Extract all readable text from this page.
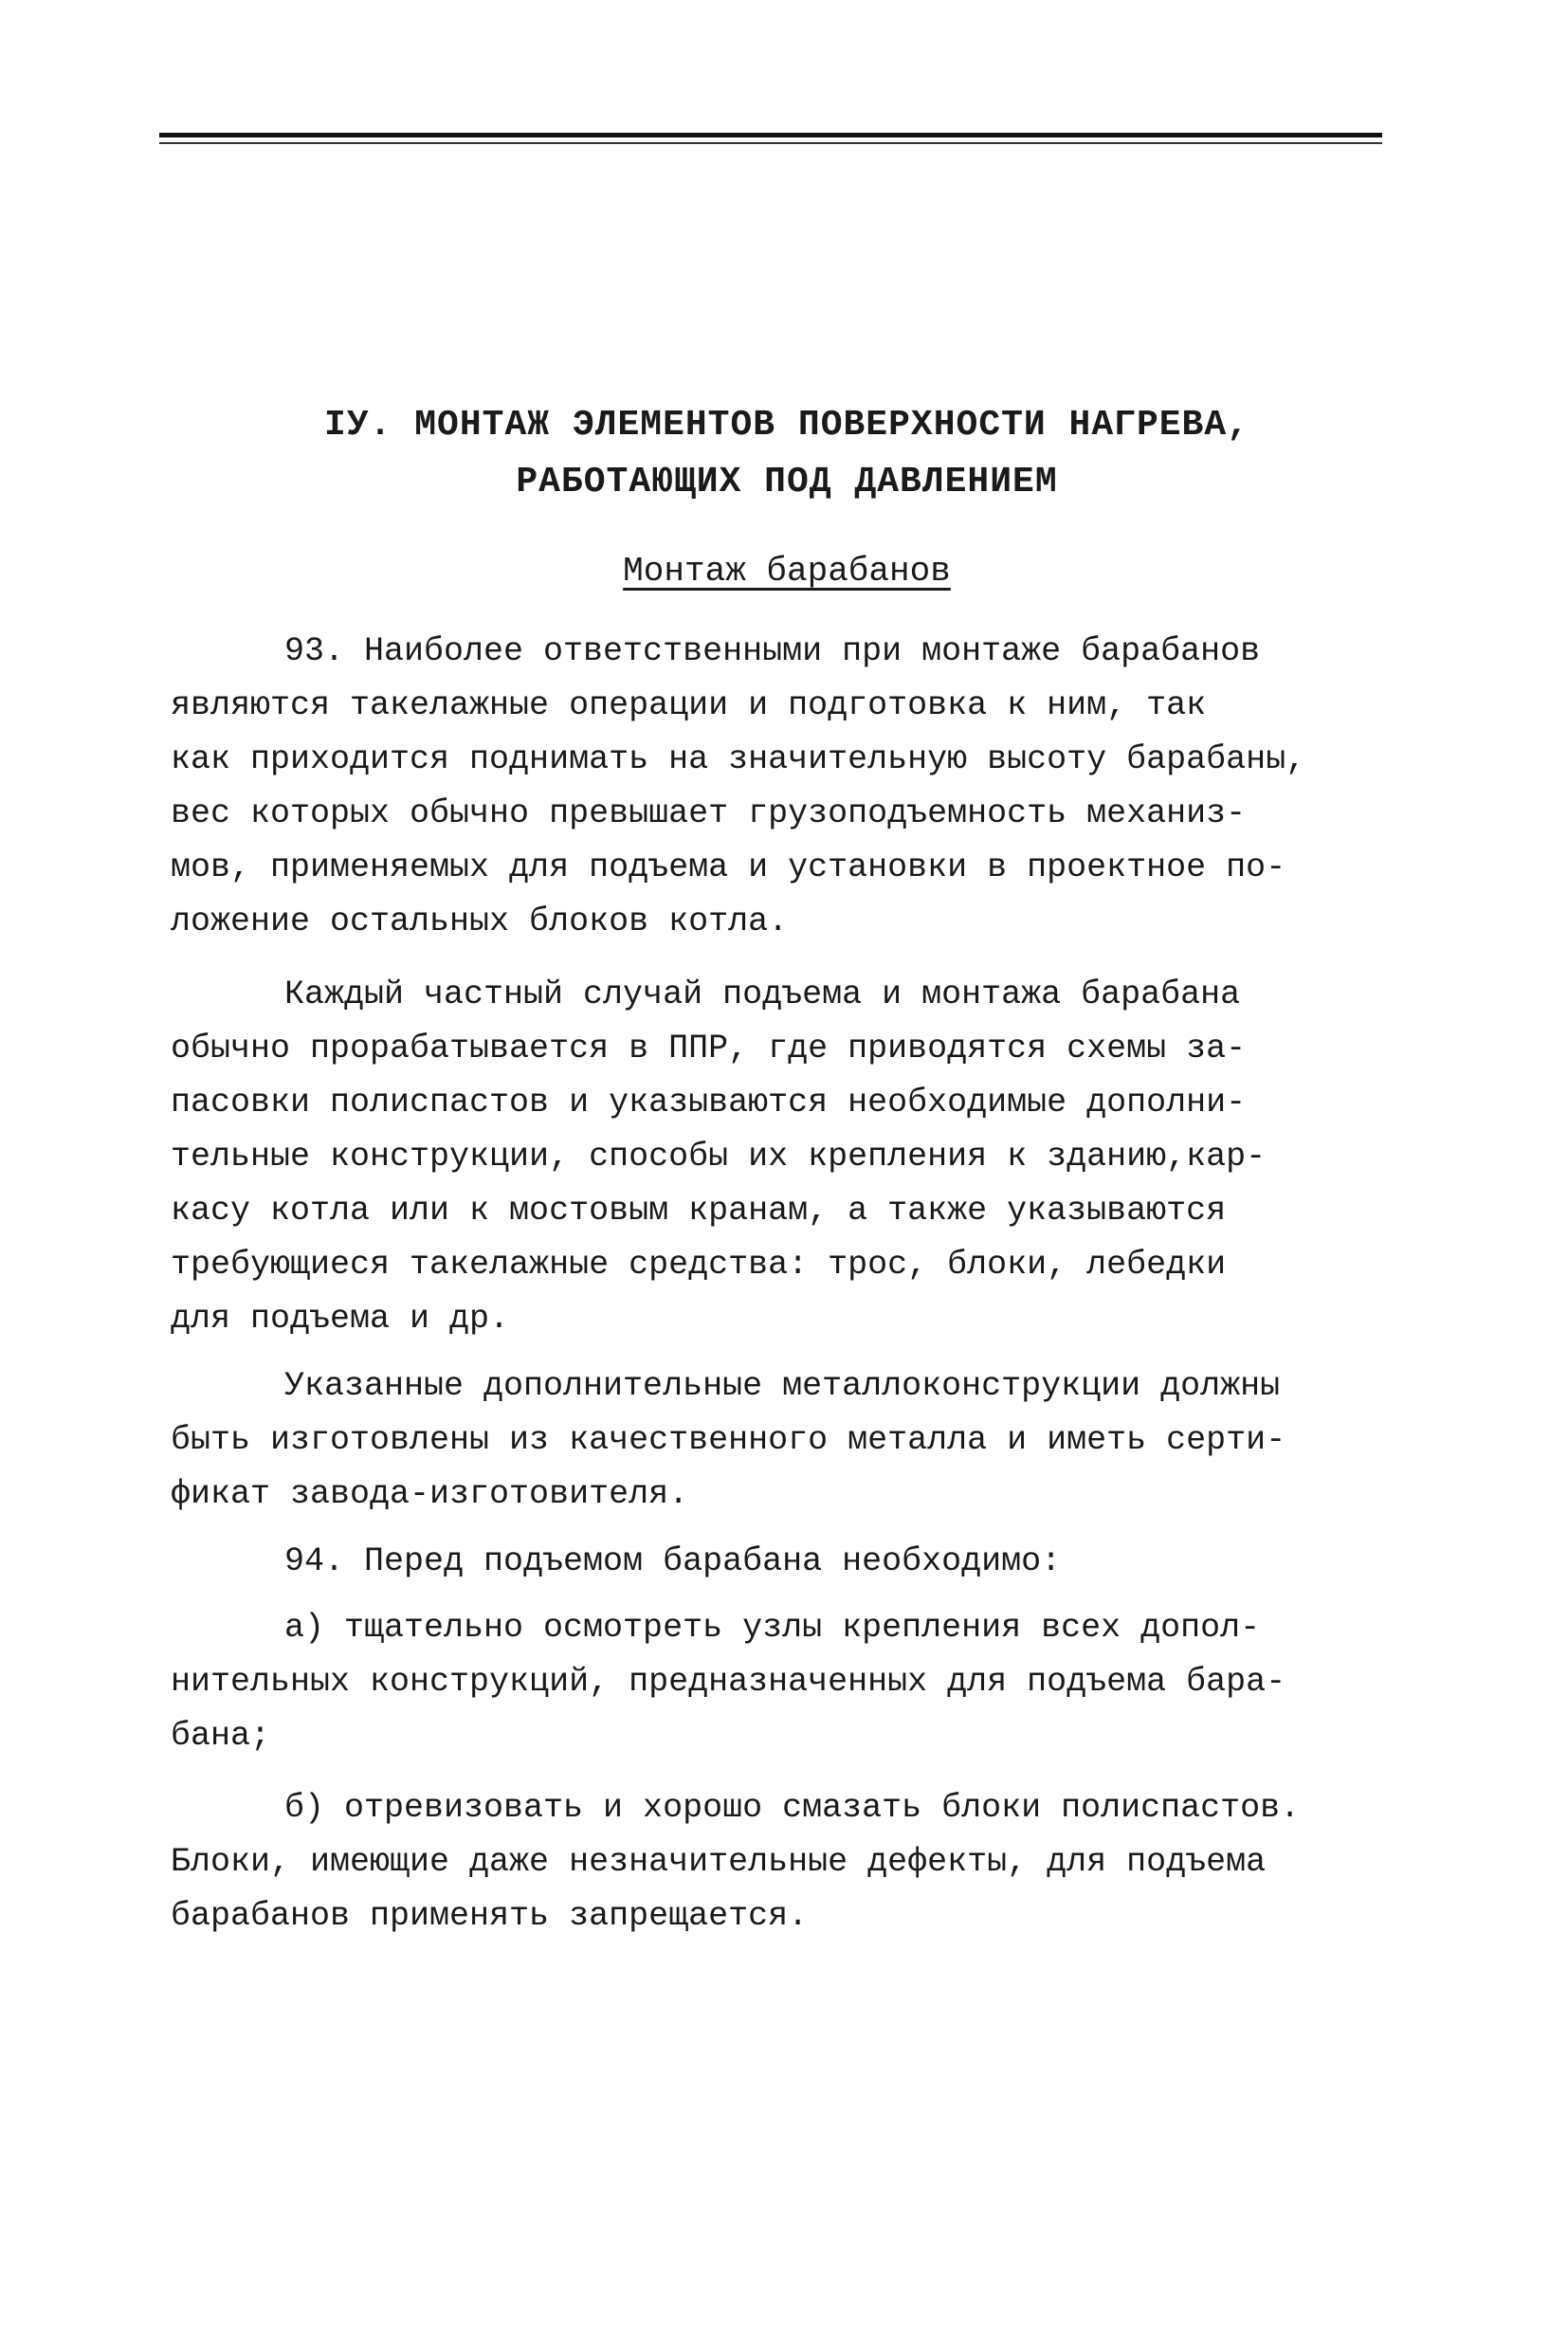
IУ. МОНТАЖ ЭЛЕМЕНТОВ ПОВЕРХНОСТИ НАГРЕВА,
РАБОТАЮЩИХ ПОД ДАВЛЕНИЕМ
Монтаж барабанов
93. Наиболее ответственными при монтаже барабанов
являются такелажные операции и подготовка к ним, так
как приходится поднимать на значительную высоту барабаны,
вес которых обычно превышает грузоподъемность механиз-
мов, применяемых для подъема и установки в проектное по-
ложение остальных блоков котла.
Каждый частный случай подъема и монтажа барабана
обычно прорабатывается в ППР, где приводятся схемы за-
пасовки полиспастов и указываются необходимые дополни-
тельные конструкции, способы их крепления к зданию,кар-
касу котла или к мостовым кранам, а также указываются
требующиеся такелажные средства: трос, блоки, лебедки
для подъема и др.
Указанные дополнительные металлоконструкции должны
быть изготовлены из качественного металла и иметь серти-
фикат завода-изготовителя.
94. Перед подъемом барабана необходимо:
а) тщательно осмотреть узлы крепления всех допол-
нительных конструкций, предназначенных для подъема бара-
бана;
б) отревизовать и хорошо смазать блоки полиспастов.
Блоки, имеющие даже незначительные дефекты, для подъема
барабанов применять запрещается.
